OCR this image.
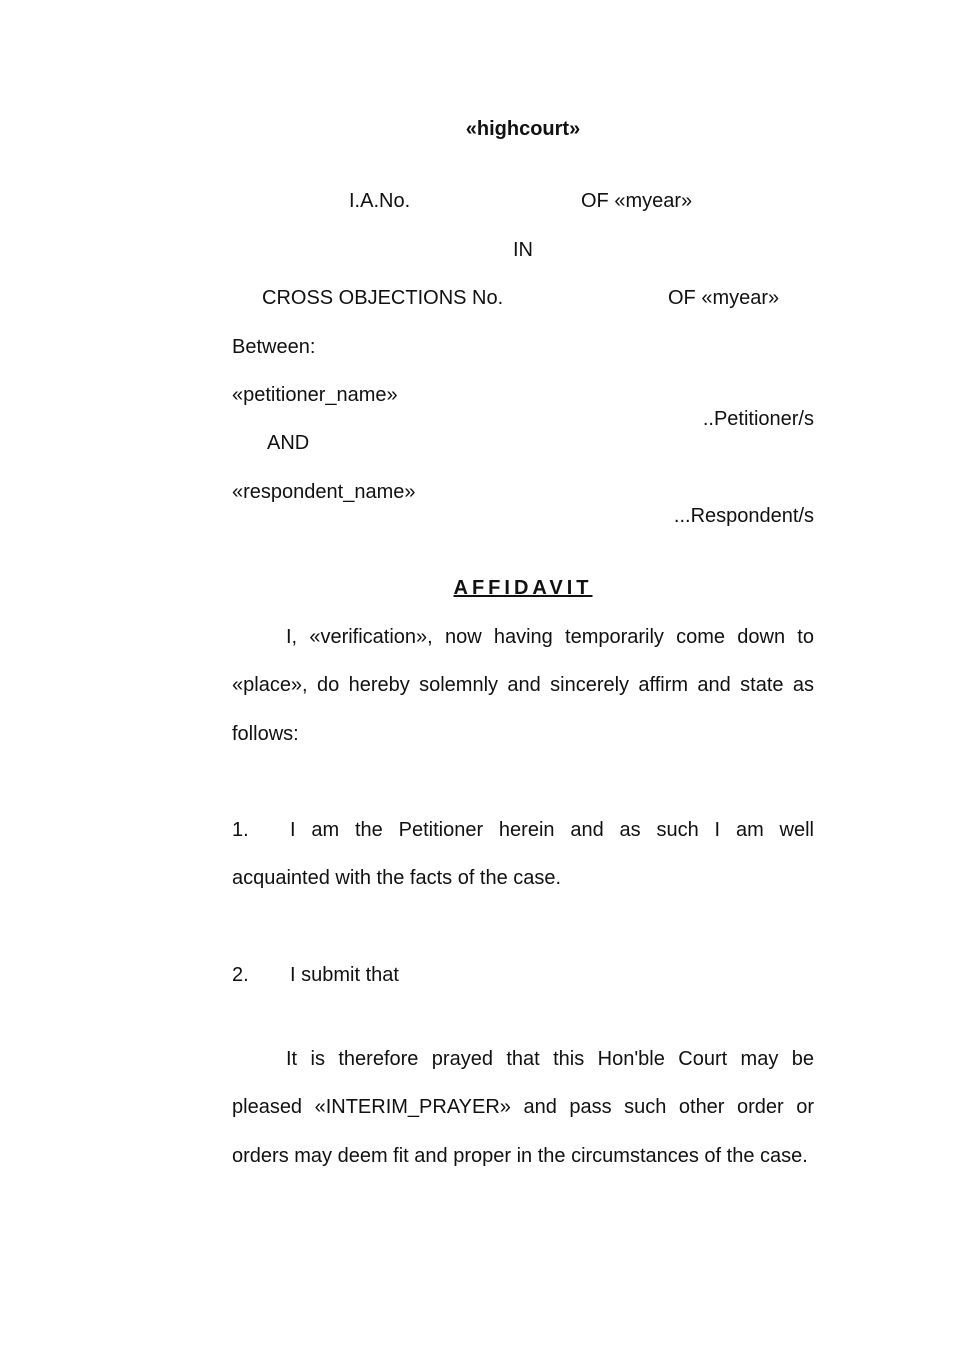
«highcourt»
I.A.No.	OF «myear»
IN
CROSS OBJECTIONS No.	OF «myear»
Between:
«petitioner_name»
..Petitioner/s
AND
«respondent_name»
...Respondent/s
AFFIDAVIT
I, «verification», now having temporarily come down to «place», do hereby solemnly and sincerely affirm and state as follows:
1. I am the Petitioner herein and as such I am well acquainted with the facts of the case.
2. I submit that
It is therefore prayed that this Hon'ble Court may be pleased «INTERIM_PRAYER» and pass such other order or orders may deem fit and proper in the circumstances of the case.
